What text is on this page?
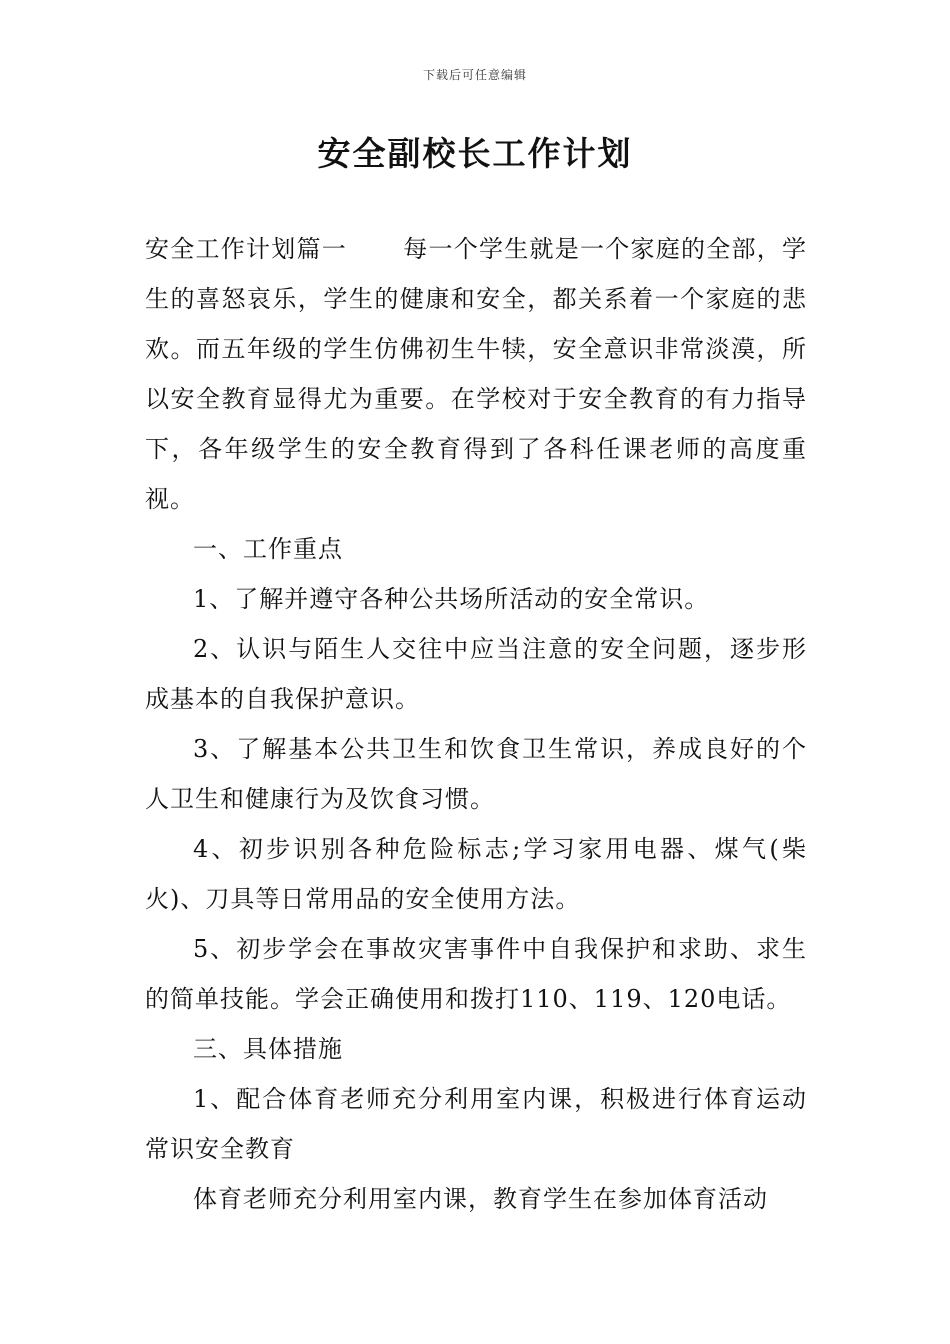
下载后可任意编辑
安全副校长工作计划

安全工作计划篇一 每一个学生就是一个家庭的全部，学生的喜怒哀乐，学生的健康和安全，都关系着一个家庭的悲欢。而五年级的学生仿佛初生牛犊，安全意识非常淡漠，所以安全教育显得尤为重要。在学校对于安全教育的有力指导下，各年级学生的安全教育得到了各科任课老师的高度重视。

一、工作重点

1、了解并遵守各种公共场所活动的安全常识。

2、认识与陌生人交往中应当注意的安全问题，逐步形成基本的自我保护意识。

3、了解基本公共卫生和饮食卫生常识，养成良好的个人卫生和健康行为及饮食习惯。

4、初步识别各种危险标志;学习家用电器、煤气(柴火)、刀具等日常用品的安全使用方法。

5、初步学会在事故灾害事件中自我保护和求助、求生的简单技能。学会正确使用和拨打110、119、120电话。

三、具体措施

1、配合体育老师充分利用室内课，积极进行体育运动常识安全教育

体育老师充分利用室内课，教育学生在参加体育活动
